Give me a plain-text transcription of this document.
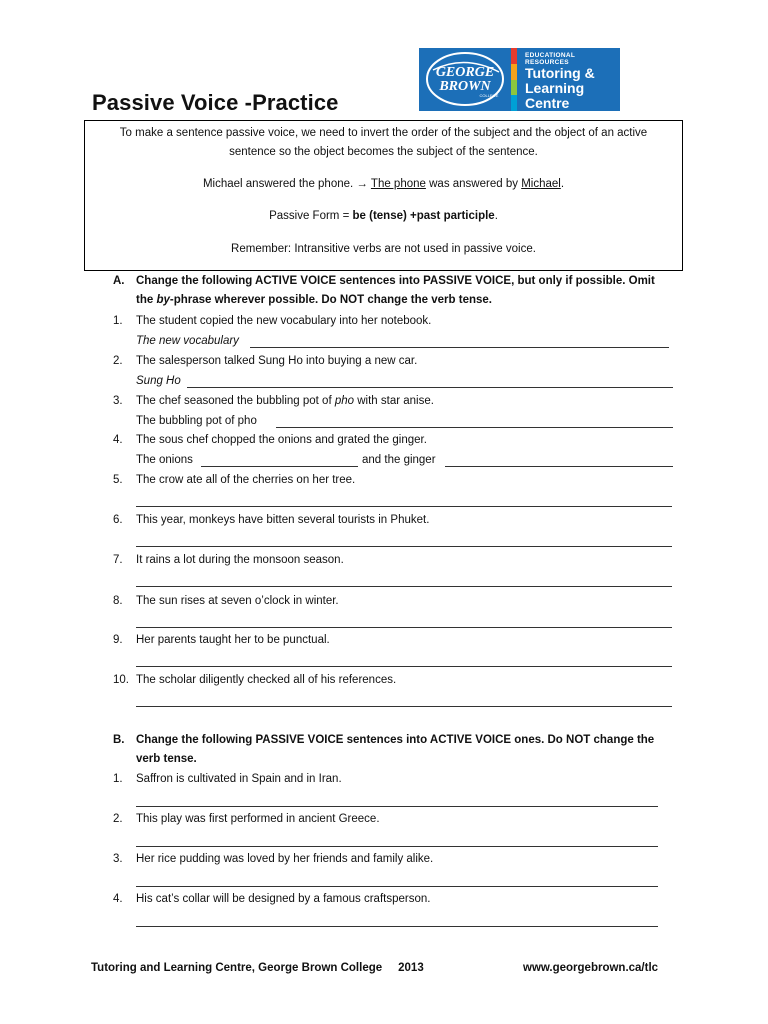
Passive Voice -Practice
GEORGE
BROWN
COLLEGE
EDUCATIONAL RESOURCES
Tutoring &
Learning Centre
To make a sentence passive voice, we need to invert the order of the subject and the object of an active
sentence so the object becomes the subject of the sentence.
Michael answered the phone. → The phone was answered by Michael.
Passive Form = be (tense) +past participle.
Remember: Intransitive verbs are not used in passive voice.
A. Change the following ACTIVE VOICE sentences into PASSIVE VOICE, but only if possible. Omit
the by-phrase wherever possible. Do NOT change the verb tense.
1. The student copied the new vocabulary into her notebook.
The new vocabulary
2. The salesperson talked Sung Ho into buying a new car.
Sung Ho
3. The chef seasoned the bubbling pot of pho with star anise.
The bubbling pot of pho
4. The sous chef chopped the onions and grated the ginger.
The onions	and the ginger
5. The crow ate all of the cherries on her tree.
6. This year, monkeys have bitten several tourists in Phuket.
7. It rains a lot during the monsoon season.
8. The sun rises at seven o’clock in winter.
9. Her parents taught her to be punctual.
10. The scholar diligently checked all of his references.
B. Change the following PASSIVE VOICE sentences into ACTIVE VOICE ones. Do NOT change the
verb tense.
1. Saffron is cultivated in Spain and in Iran.
2. This play was first performed in ancient Greece.
3. Her rice pudding was loved by her friends and family alike.
4. His cat’s collar will be designed by a famous craftsperson.
Tutoring and Learning Centre, George Brown College 2013	www.georgebrown.ca/tlc
